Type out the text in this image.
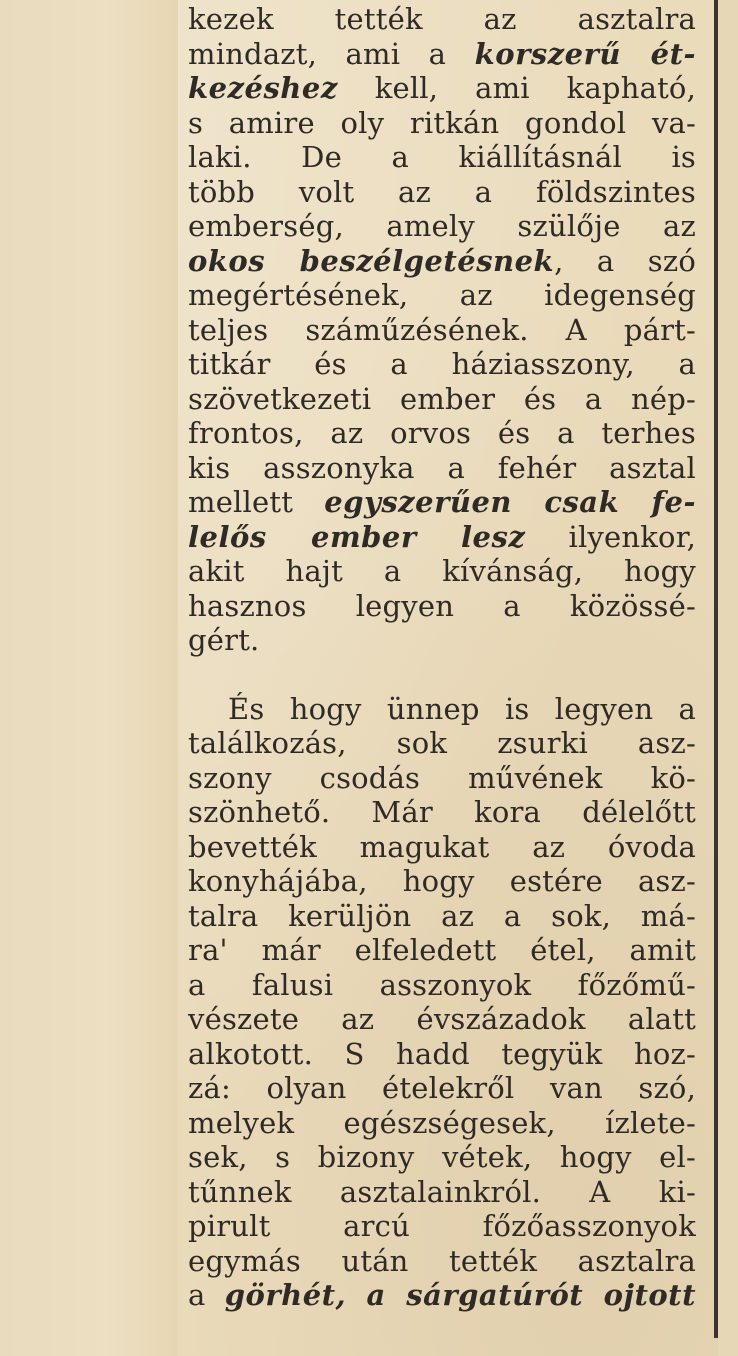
kezek tették az asztalra
mindazt, ami a korszerű ét-
kezéshez kell, ami kapható,
s amire oly ritkán gondol va-
laki. De a kiállításnál is
több volt az a földszintes
emberség, amely szülője az
okos beszélgetésnek, a szó
megértésének, az idegenség
teljes száműzésének. A párt-
titkár és a háziasszony, a
szövetkezeti ember és a nép-
frontos, az orvos és a terhes
kis asszonyka a fehér asztal
mellett egyszerűen csak fe-
lelős ember lesz ilyenkor,
akit hajt a kívánság, hogy
hasznos legyen a közössé-
gért.
És hogy ünnep is legyen a
találkozás, sok zsurki asz-
szony csodás művének kö-
szönhető. Már kora délelőtt
bevették magukat az óvoda
konyhájába, hogy estére asz-
talra kerüljön az a sok, má-
ra' már elfeledett étel, amit
a falusi asszonyok főzőmű-
vészete az évszázadok alatt
alkotott. S hadd tegyük hoz-
zá: olyan ételekről van szó,
melyek egészségesek, ízlete-
sek, s bizony vétek, hogy el-
tűnnek asztalainkról. A ki-
pirult arcú főzőasszonyok
egymás után tették asztalra
a görhét, a sárgatúrót ojtott
